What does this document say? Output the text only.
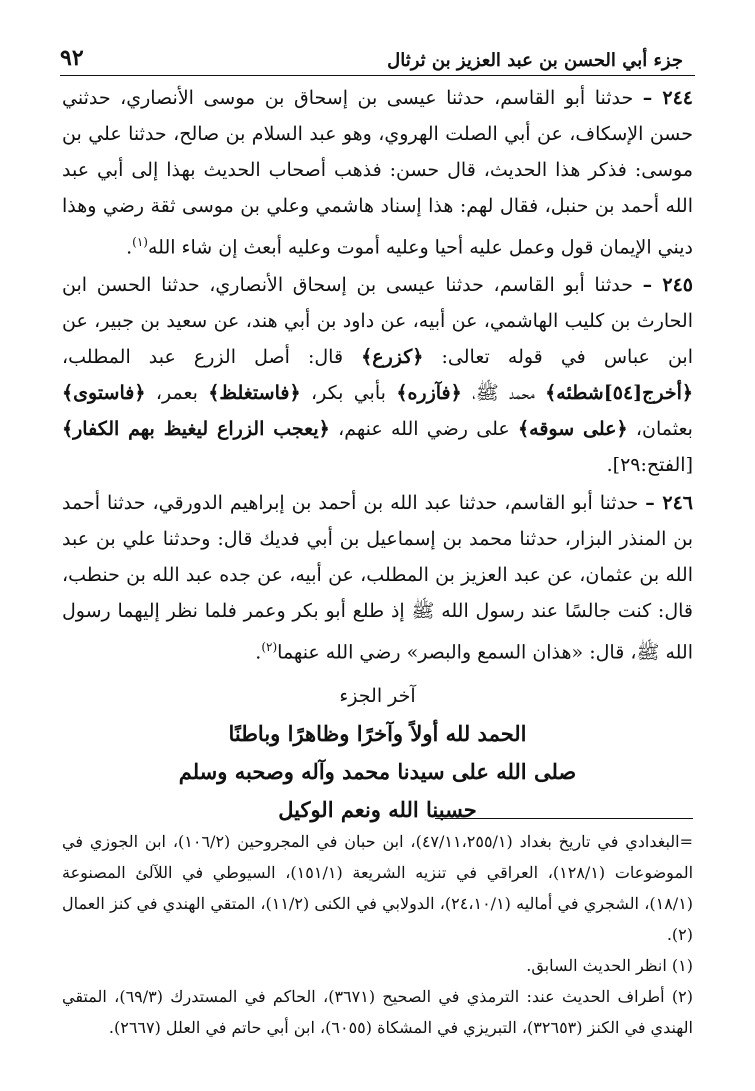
جزء أبي الحسن بن عبد العزيز بن ثرثال
٩٢

٢٤٤ – حدثنا أبو القاسم، حدثنا عيسى بن إسحاق بن موسى الأنصاري، حدثني حسن الإسكاف، عن أبي الصلت الهروي، وهو عبد السلام بن صالح، حدثنا علي بن موسى: فذكر هذا الحديث، قال حسن: فذهب أصحاب الحديث بهذا إلى أبي عبد الله أحمد بن حنبل، فقال لهم: هذا إسناد هاشمي وعلي بن موسى ثقة رضي وهذا ديني الإيمان قول وعمل عليه أحيا وعليه أموت وعليه أبعث إن شاء الله$^{(١)}$.

٢٤٥ – حدثنا أبو القاسم، حدثنا عيسى بن إسحاق الأنصاري، حدثنا الحسن ابن الحارث بن كليب الهاشمي، عن أبيه، عن داود بن أبي هند، عن سعيد بن جبير، عن ابن عباس في قوله تعالى: ﴿كزرع﴾ قال: أصل الزرع عبد المطلب، ﴿أخرج[٥٤]شطئه﴾ محمد ﷺ، ﴿فآزره﴾ بأبي بكر، ﴿فاستغلظ﴾ بعمر، ﴿فاستوى﴾ بعثمان، ﴿على سوقه﴾ على رضي الله عنهم، ﴿يعجب الزراع ليغيظ بهم الكفار﴾ [الفتح:٢٩].

٢٤٦ – حدثنا أبو القاسم، حدثنا عبد الله بن أحمد بن إبراهيم الدورقي، حدثنا أحمد بن المنذر البزار، حدثنا محمد بن إسماعيل بن أبي فديك قال: وحدثنا علي بن عبد الله بن عثمان، عن عبد العزيز بن المطلب، عن أبيه، عن جده عبد الله بن حنطب، قال: كنت جالسًا عند رسول الله ﷺ إذ طلع أبو بكر وعمر فلما نظر إليهما رسول الله ﷺ، قال: «هذان السمع والبصر» رضي الله عنهما$^{(٢)}$.

آخر الجزء
الحمد لله أولاً وآخرًا وظاهرًا وباطنًا
صلى الله على سيدنا محمد وآله وصحبه وسلم
حسبنا الله ونعم الوكيل

=البغدادي في تاريخ بغداد (٤٧/١١،٢٥٥/١)، ابن حبان في المجروحين (١٠٦/٢)، ابن الجوزي في الموضوعات (١٢٨/١)، العراقي في تنزيه الشريعة (١٥١/١)، السيوطي في اللآلئ المصنوعة (١٨/١)، الشجري في أماليه (٢٤،١٠/١)، الدولابي في الكنى (١١/٢)، المتقي الهندي في كنز العمال (٢).

(١) انظر الحديث السابق.

(٢) أطراف الحديث عند: الترمذي في الصحيح (٣٦٧١)، الحاكم في المستدرك (٦٩/٣)، المتقي الهندي في الكنز (٣٢٦٥٣)، التبريزي في المشكاة (٦٠٥٥)، ابن أبي حاتم في العلل (٢٦٦٧).
